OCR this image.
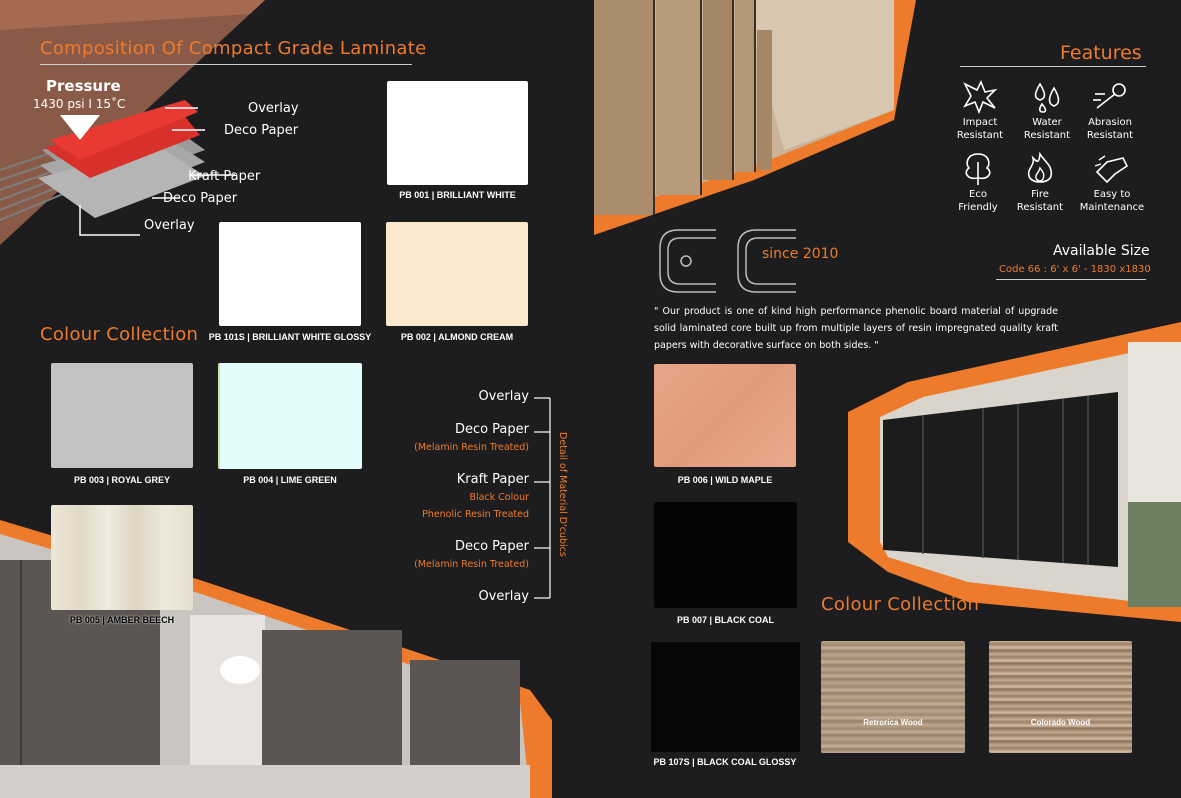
Composition Of Compact Grade Laminate
Pressure
1430 psi I 15˚C	Overlay
Deco Paper
Kraft Paper
Deco Paper
Overlay
Colour Collection
PB 001 | BRILLIANT WHITE
PB 101S | BRILLIANT WHITE GLOSSY	PB 002 | ALMOND CREAM
PB 003 | ROYAL GREY	PB 004 | LIME GREEN
PB 005 | AMBER BEECH
Overlay
Deco Paper
(Melamin Resin Treated)
Kraft Paper
Black Colour
Phenolic Resin Treated
Deco Paper
(Melamin Resin Treated)
Overlay
Detail of Material D'cubics
Features
Impact
Resistant
Water
Resistant
Abrasion
Resistant
Eco
Friendly
Fire
Resistant
Easy to
Maintenance
since 2010	Available Size
Code 66 : 6' x 6' - 1830 x1830
" Our product is one of kind high performance phenolic board material of upgrade solid laminated core built up from multiple layers of resin impregnated quality kraft papers with decorative surface on both sides. "
PB 006 | WILD MAPLE
PB 007 | BLACK COAL
PB 107S | BLACK COAL GLOSSY
Colour Collection
Retrorica Wood	Colorado Wood
